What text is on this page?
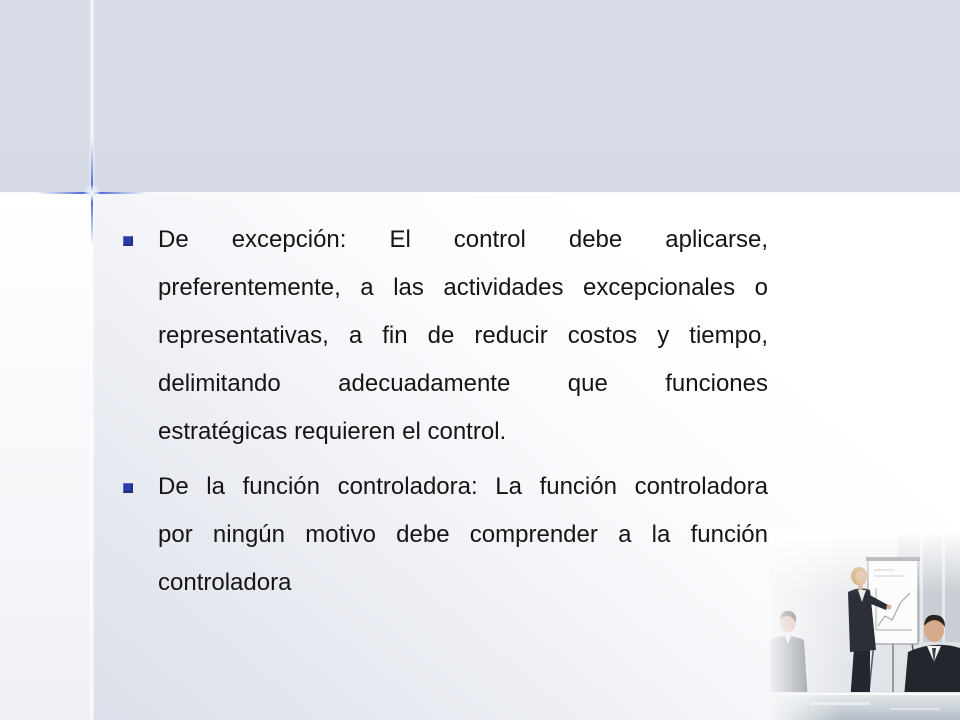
De excepción: El control debe aplicarse,
preferentemente, a las actividades excepcionales o
representativas, a fin de reducir costos y tiempo,
delimitando adecuadamente que funciones
estratégicas requieren el control.
De la función controladora: La función controladora
por ningún motivo debe comprender a la función
controladora
